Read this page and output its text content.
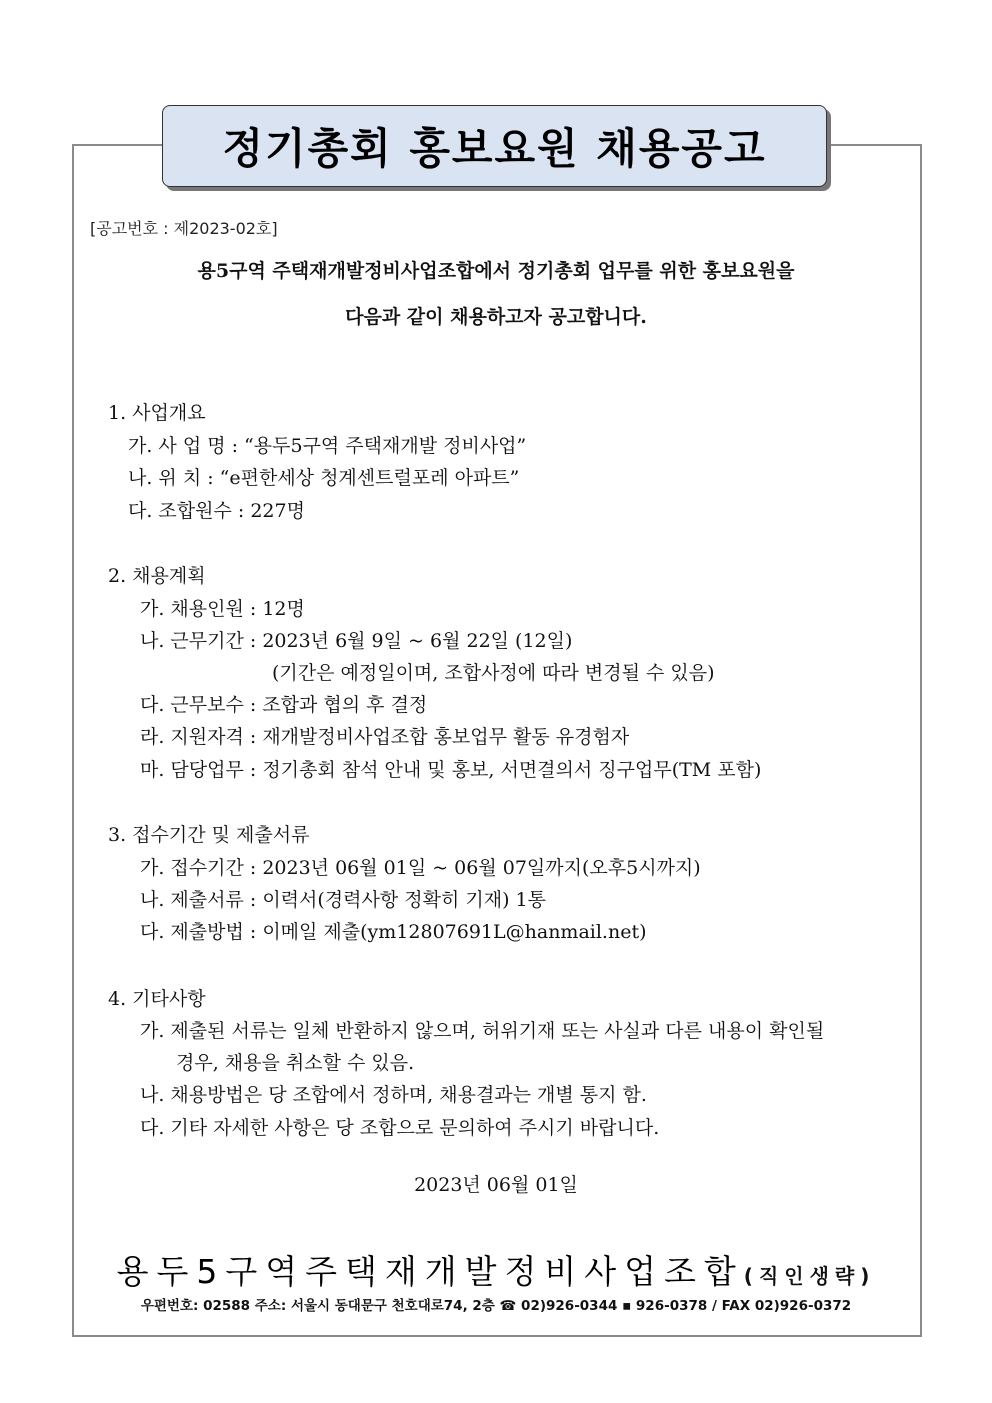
정기총회 홍보요원 채용공고
[공고번호 : 제2023-02호]
용5구역 주택재개발정비사업조합에서 정기총회 업무를 위한 홍보요원을
다음과 같이 채용하고자 공고합니다.
1. 사업개요
가. 사 업 명 : “용두5구역 주택재개발 정비사업”
나. 위 치 : “e편한세상 청계센트럴포레 아파트”
다. 조합원수 : 227명
2. 채용계획
가. 채용인원 : 12명
나. 근무기간 : 2023년 6월 9일 ~ 6월 22일 (12일)
(기간은 예정일이며, 조합사정에 따라 변경될 수 있음)
다. 근무보수 : 조합과 협의 후 결정
라. 지원자격 : 재개발정비사업조합 홍보업무 활동 유경험자
마. 담당업무 : 정기총회 참석 안내 및 홍보, 서면결의서 징구업무(TM 포함)
3. 접수기간 및 제출서류
가. 접수기간 : 2023년 06월 01일 ~ 06월 07일까지(오후5시까지)
나. 제출서류 : 이력서(경력사항 정확히 기재) 1통
다. 제출방법 : 이메일 제출(ym12807691L@hanmail.net)
4. 기타사항
가. 제출된 서류는 일체 반환하지 않으며, 허위기재 또는 사실과 다른 내용이 확인될
경우, 채용을 취소할 수 있음.
나. 채용방법은 당 조합에서 정하며, 채용결과는 개별 통지 함.
다. 기타 자세한 사항은 당 조합으로 문의하여 주시기 바랍니다.
2023년 06월 01일
용두5구역주택재개발정비사업조합(직인생략)
우편번호: 02588 주소: 서울시 동대문구 천호대로74, 2층 ☎ 02)926-0344 ▪ 926-0378 / FAX 02)926-0372
